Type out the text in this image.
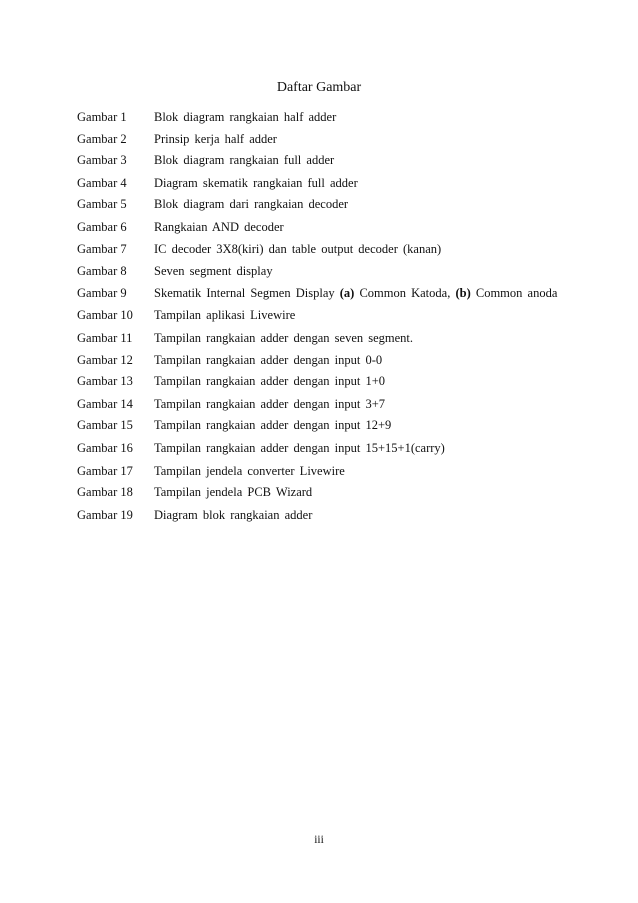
Daftar Gambar
Gambar 1 Blok diagram rangkaian half adder
Gambar 2 Prinsip kerja half adder
Gambar 3 Blok diagram rangkaian full adder
Gambar 4 Diagram skematik rangkaian full adder
Gambar 5 Blok diagram dari rangkaian decoder
Gambar 6 Rangkaian AND decoder
Gambar 7 IC decoder 3X8(kiri) dan table output decoder (kanan)
Gambar 8 Seven segment display
Gambar 9 Skematik Internal Segmen Display (a) Common Katoda, (b) Common anoda
Gambar 10 Tampilan aplikasi Livewire
Gambar 11 Tampilan rangkaian adder dengan seven segment.
Gambar 12 Tampilan rangkaian adder dengan input 0-0
Gambar 13 Tampilan rangkaian adder dengan input 1+0
Gambar 14 Tampilan rangkaian adder dengan input 3+7
Gambar 15 Tampilan rangkaian adder dengan input 12+9
Gambar 16 Tampilan rangkaian adder dengan input 15+15+1(carry)
Gambar 17 Tampilan jendela converter Livewire
Gambar 18 Tampilan jendela PCB Wizard
Gambar 19 Diagram blok rangkaian adder
iii
